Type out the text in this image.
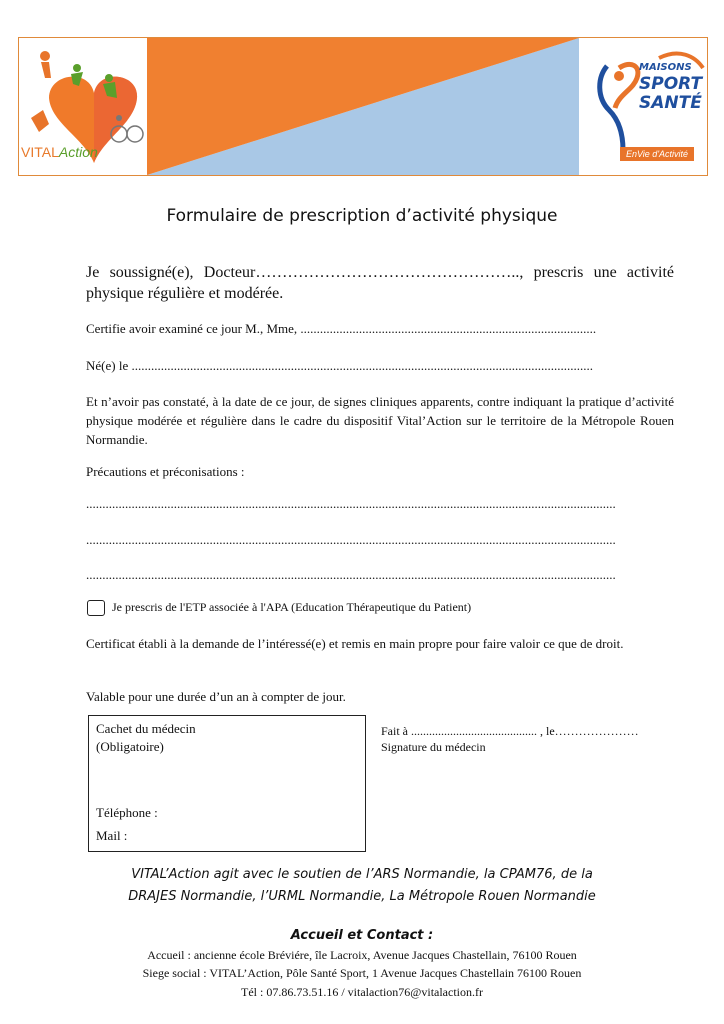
VITALAction
MAISONS
SPORT
SANTÉ
EnVie d'Activité
Formulaire de prescription d’activité physique
Je soussigné(e), Docteur………………………………………….., prescris une activité physique régulière et modérée.
Certifie avoir examiné ce jour M., Mme, ...........................................................................................
Né(e) le ..............................................................................................................................................
Et n’avoir pas constaté, à la date de ce jour, de signes cliniques apparents, contre indiquant la pratique d’activité physique modérée et régulière dans le cadre du dispositif Vital’Action sur le territoire de la Métropole Rouen Normandie.
Précautions et préconisations :
...................................................................................................................................................................
...................................................................................................................................................................
...................................................................................................................................................................
Je prescris de l'ETP associée à l'APA (Education Thérapeutique du Patient)
Certificat établi à la demande de l’intéressé(e) et remis en main propre pour faire valoir ce que de droit.
Valable pour une durée d’un an à compter de jour.
Cachet du médecin
(Obligatoire)
Téléphone :
Mail :
Fait à .......................................... , le…………………
Signature du médecin
VITAL’Action agit avec le soutien de l’ARS Normandie, la CPAM76, de la
DRAJES Normandie, l’URML Normandie, La Métropole Rouen Normandie
Accueil et Contact :
Accueil : ancienne école Bréviére, île Lacroix, Avenue Jacques Chastellain, 76100 Rouen
Siege social : VITAL’Action, Pôle Santé Sport, 1 Avenue Jacques Chastellain 76100 Rouen
Tél : 07.86.73.51.16 / vitalaction76@vitalaction.fr
